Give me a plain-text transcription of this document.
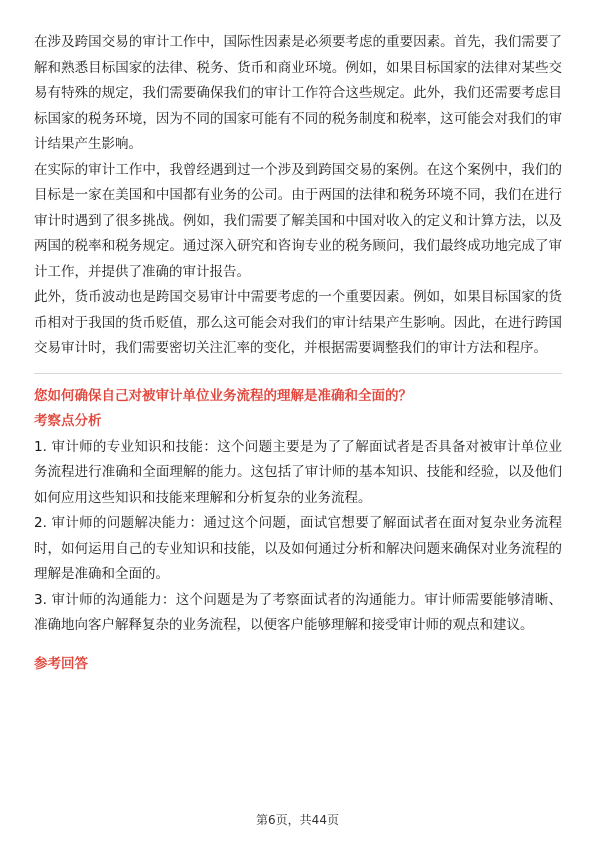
在涉及跨国交易的审计工作中，国际性因素是必须要考虑的重要因素。首先，我们需要了解和熟悉目标国家的法律、税务、货币和商业环境。例如，如果目标国家的法律对某些交易有特殊的规定，我们需要确保我们的审计工作符合这些规定。此外，我们还需要考虑目标国家的税务环境，因为不同的国家可能有不同的税务制度和税率，这可能会对我们的审计结果产生影响。

在实际的审计工作中，我曾经遇到过一个涉及到跨国交易的案例。在这个案例中，我们的目标是一家在美国和中国都有业务的公司。由于两国的法律和税务环境不同，我们在进行审计时遇到了很多挑战。例如，我们需要了解美国和中国对收入的定义和计算方法，以及两国的税率和税务规定。通过深入研究和咨询专业的税务顾问，我们最终成功地完成了审计工作，并提供了准确的审计报告。

此外，货币波动也是跨国交易审计中需要考虑的一个重要因素。例如，如果目标国家的货币相对于我国的货币贬值，那么这可能会对我们的审计结果产生影响。因此，在进行跨国交易审计时，我们需要密切关注汇率的变化，并根据需要调整我们的审计方法和程序。

您如何确保自己对被审计单位业务流程的理解是准确和全面的？

考察点分析

1. 审计师的专业知识和技能：这个问题主要是为了了解面试者是否具备对被审计单位业务流程进行准确和全面理解的能力。这包括了审计师的基本知识、技能和经验，以及他们如何应用这些知识和技能来理解和分析复杂的业务流程。

2. 审计师的问题解决能力：通过这个问题，面试官想要了解面试者在面对复杂业务流程时，如何运用自己的专业知识和技能，以及如何通过分析和解决问题来确保对业务流程的理解是准确和全面的。

3. 审计师的沟通能力：这个问题是为了考察面试者的沟通能力。审计师需要能够清晰、准确地向客户解释复杂的业务流程，以便客户能够理解和接受审计师的观点和建议。

参考回答

第6页，共44页
